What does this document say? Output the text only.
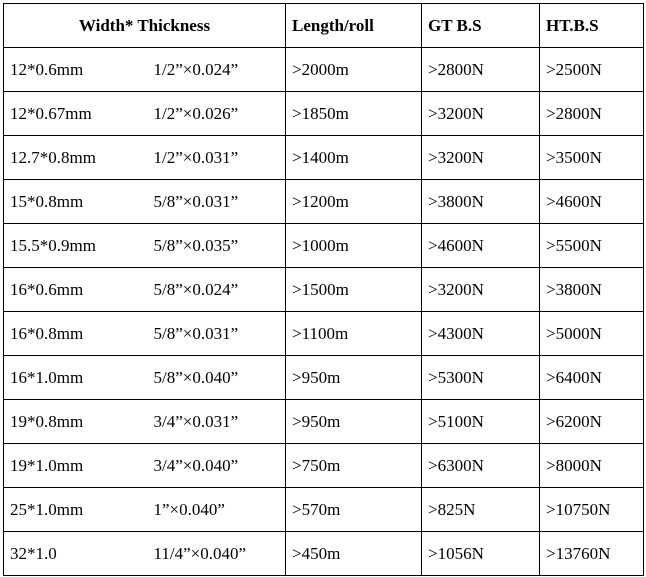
Width* Thickness		Length/roll	GT B.S	HT.B.S
12*0.6mm	1/2”×0.024”	>2000m	>2800N	>2500N
12*0.67mm	1/2”×0.026”	>1850m	>3200N	>2800N
12.7*0.8mm	1/2”×0.031”	>1400m	>3200N	>3500N
15*0.8mm	5/8”×0.031”	>1200m	>3800N	>4600N
15.5*0.9mm	5/8”×0.035”	>1000m	>4600N	>5500N
16*0.6mm	5/8”×0.024”	>1500m	>3200N	>3800N
16*0.8mm	5/8”×0.031”	>1100m	>4300N	>5000N
16*1.0mm	5/8”×0.040”	>950m	>5300N	>6400N
19*0.8mm	3/4”×0.031”	>950m	>5100N	>6200N
19*1.0mm	3/4”×0.040”	>750m	>6300N	>8000N
25*1.0mm	1”×0.040”	>570m	>825N	>10750N
32*1.0	11/4”×0.040”	>450m	>1056N	>13760N
